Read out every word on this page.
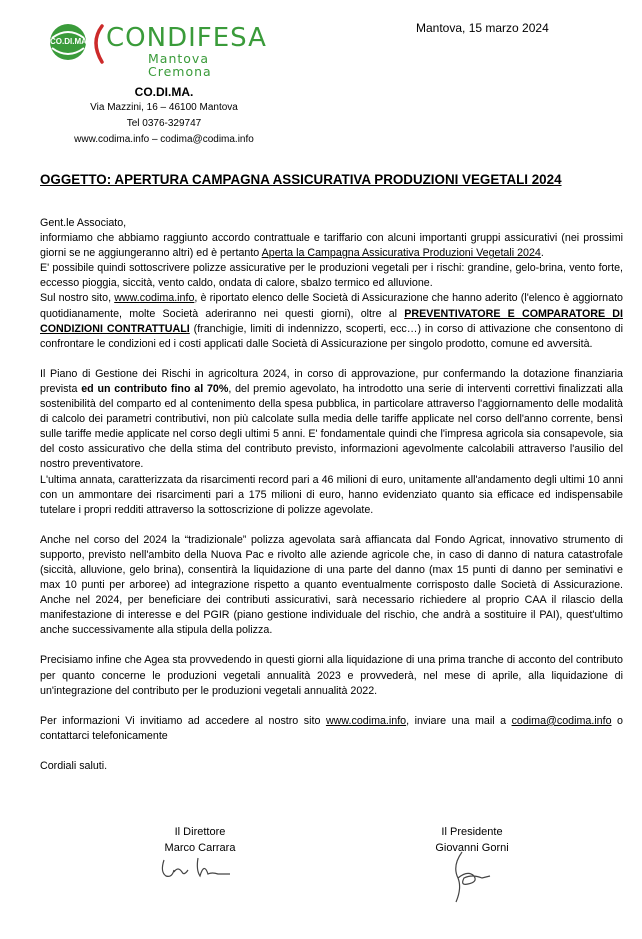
CO.DI.MA. CONDIFESA
Mantova
Cremona
Mantova, 15 marzo 2024
CO.DI.MA.
Via Mazzini, 16 – 46100 Mantova
Tel 0376-329747
www.codima.info – codima@codima.info
OGGETTO: APERTURA CAMPAGNA ASSICURATIVA PRODUZIONI VEGETALI 2024

Gent.le Associato,

informiamo che abbiamo raggiunto accordo contrattuale e tariffario con alcuni importanti gruppi assicurativi (nei prossimi giorni se ne aggiungeranno altri) ed è pertanto Aperta la Campagna Assicurativa Produzioni Vegetali 2024.

E' possibile quindi sottoscrivere polizze assicurative per le produzioni vegetali per i rischi: grandine, gelo-brina, vento forte, eccesso pioggia, siccità, vento caldo, ondata di calore, sbalzo termico ed alluvione.

Sul nostro sito, www.codima.info, è riportato elenco delle Società di Assicurazione che hanno aderito (l'elenco è aggiornato quotidianamente, molte Società aderiranno nei questi giorni), oltre al PREVENTIVATORE E COMPARATORE DI CONDIZIONI CONTRATTUALI (franchigie, limiti di indennizzo, scoperti, ecc…) in corso di attivazione che consentono di confrontare le condizioni ed i costi applicati dalle Società di Assicurazione per singolo prodotto, comune ed avversità.

Il Piano di Gestione dei Rischi in agricoltura 2024, in corso di approvazione, pur confermando la dotazione finanziaria prevista ed un contributo fino al 70%, del premio agevolato, ha introdotto una serie di interventi correttivi finalizzati alla sostenibilità del comparto ed al contenimento della spesa pubblica, in particolare attraverso l'aggiornamento delle modalità di calcolo dei parametri contributivi, non più calcolate sulla media delle tariffe applicate nel corso dell'anno corrente, bensì sulle tariffe medie applicate nel corso degli ultimi 5 anni. E' fondamentale quindi che l'impresa agricola sia consapevole, sia del costo assicurativo che della stima del contributo previsto, informazioni agevolmente calcolabili attraverso l'ausilio del nostro preventivatore.

L'ultima annata, caratterizzata da risarcimenti record pari a 46 milioni di euro, unitamente all'andamento degli ultimi 10 anni con un ammontare dei risarcimenti pari a 175 milioni di euro, hanno evidenziato quanto sia efficace ed indispensabile tutelare i propri redditi attraverso la sottoscrizione di polizze agevolate.

Anche nel corso del 2024 la “tradizionale” polizza agevolata sarà affiancata dal Fondo Agricat, innovativo strumento di supporto, previsto nell'ambito della Nuova Pac e rivolto alle aziende agricole che, in caso di danno di natura catastrofale (siccità, alluvione, gelo brina), consentirà la liquidazione di una parte del danno (max 15 punti di danno per seminativi e max 10 punti per arboree) ad integrazione rispetto a quanto eventualmente corrisposto dalle Società di Assicurazione. Anche nel 2024, per beneficiare dei contributi assicurativi, sarà necessario richiedere al proprio CAA il rilascio della manifestazione di interesse e del PGIR (piano gestione individuale del rischio, che andrà a sostituire il PAI), quest'ultimo anche successivamente alla stipula della polizza.

Precisiamo infine che Agea sta provvedendo in questi giorni alla liquidazione di una prima tranche di acconto del contributo per quanto concerne le produzioni vegetali annualità 2023 e provvederà, nel mese di aprile, alla liquidazione di un'integrazione del contributo per le produzioni vegetali annualità 2022.

Per informazioni Vi invitiamo ad accedere al nostro sito www.codima.info, inviare una mail a codima@codima.info o contattarci telefonicamente

Cordiali saluti.

Il Direttore
Marco Carrara
Il Presidente
Giovanni Gorni
